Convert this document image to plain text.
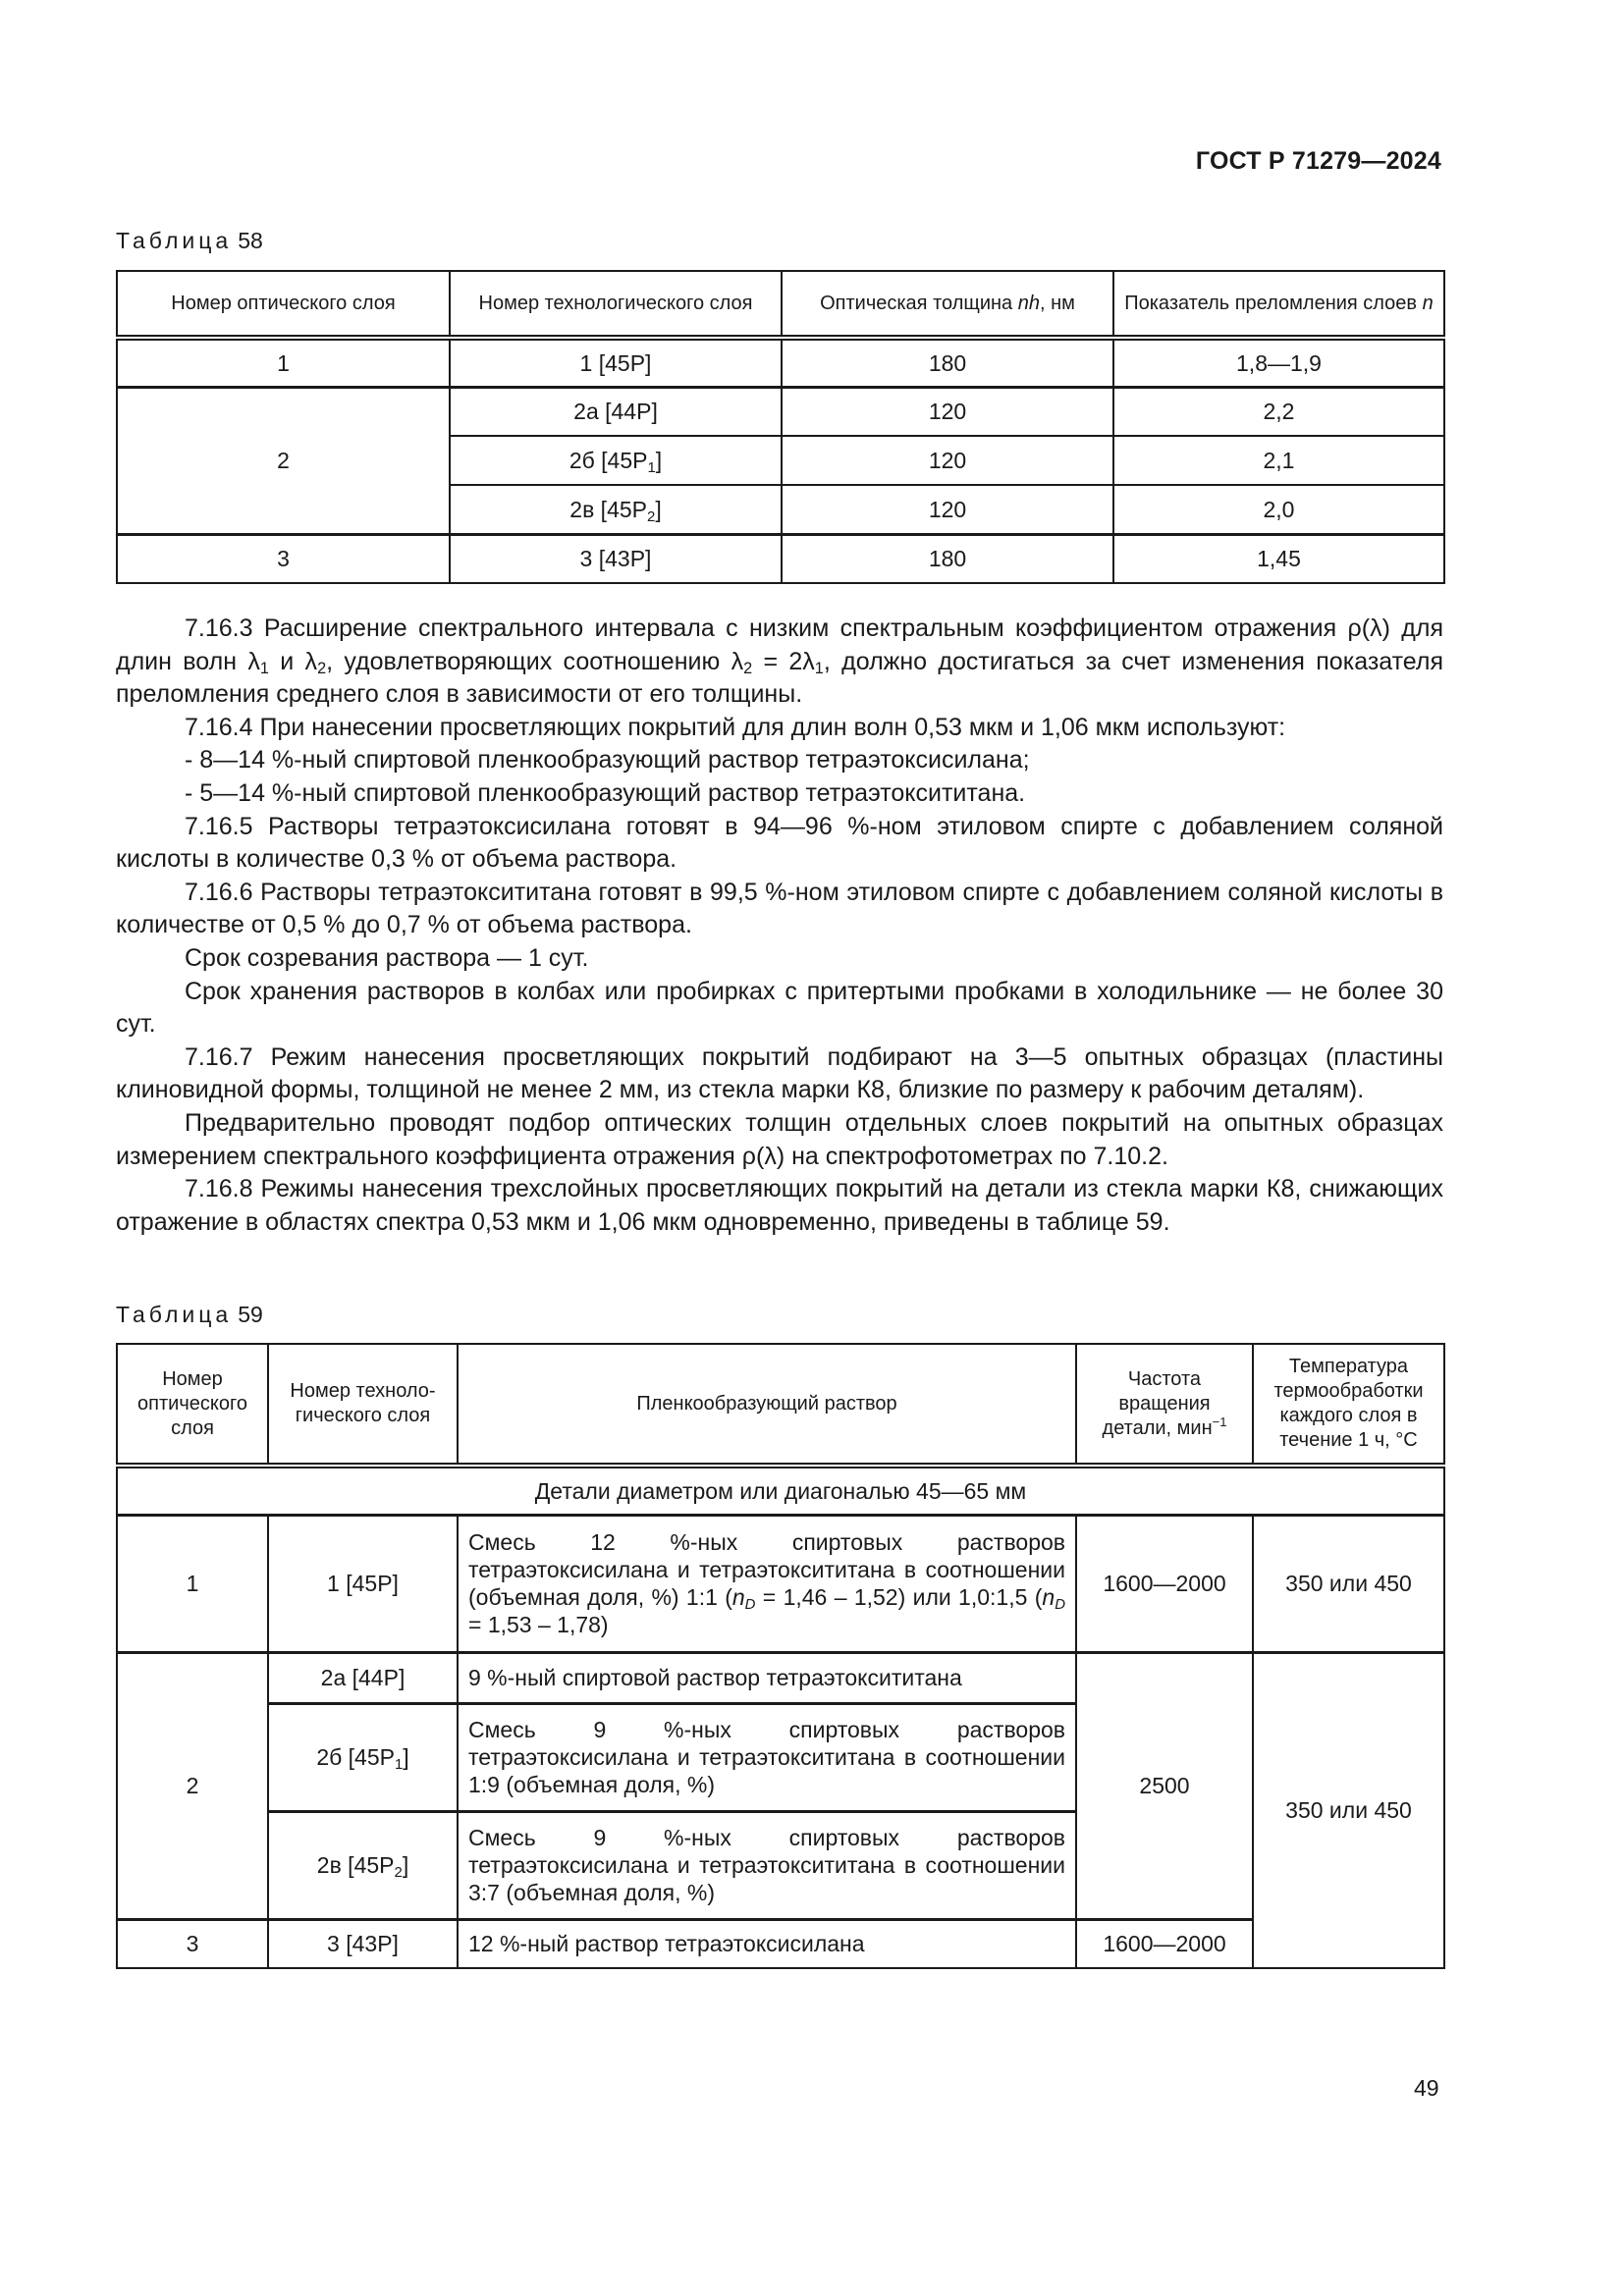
ГОСТ Р 71279—2024
Таблица 58
Номер оптического слоя	Номер технологического слоя	Оптическая толщина nh, нм	Показатель преломления слоев n
1	1 [45Р]	180	1,8—1,9
2	2а [44Р]	120	2,2
	2б $[45Р_1]$	120	2,1
	2в $[45Р_2]$	120	2,0
3	3 [43Р]	180	1,45

7.16.3 Расширение спектрального интервала с низким спектральным коэффициентом отражения ρ(λ) для длин волн $\lambda_1$ и $\lambda_2$, удовлетворяющих соотношению $\lambda_2 = 2\lambda_1$, должно достигаться за счет изменения показателя преломления среднего слоя в зависимости от его толщины.

7.16.4 При нанесении просветляющих покрытий для длин волн 0,53 мкм и 1,06 мкм используют:

- 8—14 %-ный спиртовой пленкообразующий раствор тетраэтоксисилана;

- 5—14 %-ный спиртовой пленкообразующий раствор тетраэтоксититана.

7.16.5 Растворы тетраэтоксисилана готовят в 94—96 %-ном этиловом спирте с добавлением соляной кислоты в количестве 0,3 % от объема раствора.

7.16.6 Растворы тетраэтоксититана готовят в 99,5 %-ном этиловом спирте с добавлением соляной кислоты в количестве от 0,5 % до 0,7 % от объема раствора.

Срок созревания раствора — 1 сут.

Срок хранения растворов в колбах или пробирках с притертыми пробками в холодильнике — не более 30 сут.

7.16.7 Режим нанесения просветляющих покрытий подбирают на 3—5 опытных образцах (пластины клиновидной формы, толщиной не менее 2 мм, из стекла марки К8, близкие по размеру к рабочим деталям).

Предварительно проводят подбор оптических толщин отдельных слоев покрытий на опытных образцах измерением спектрального коэффициента отражения ρ(λ) на спектрофотометрах по 7.10.2.

7.16.8 Режимы нанесения трехслойных просветляющих покрытий на детали из стекла марки К8, снижающих отражение в областях спектра 0,53 мкм и 1,06 мкм одновременно, приведены в таблице 59.

Таблица 59
Номер оптического слоя	Номер техноло-гического слоя	Пленкообразующий раствор	Частота вращения детали, мин$^{-1}$	Температура термообработки каждого слоя в течение 1 ч, °С
Детали диаметром или диагональю 45—65 мм				
1	1 [45Р]	Смесь 12 %-ных спиртовых растворов тетраэтоксисилана и тетраэтоксититана в соотношении (объемная доля, %) 1:1 $(n_D = 1,46 - 1,52)$ или 1,0:1,5 $(n_D = 1,53 - 1,78)$	1600—2000	350 или 450
2	2а [44Р]	9 %-ный спиртовой раствор тетраэтоксититана	2500	350 или 450
	2б $[45Р_1]$	Смесь 9 %-ных спиртовых растворов тетраэтоксисилана и тетраэтоксититана в соотношении 1:9 (объемная доля, %)		
	2в $[45Р_2]$	Смесь 9 %-ных спиртовых растворов тетраэтоксисилана и тетраэтоксититана в соотношении 3:7 (объемная доля, %)		
3	3 [43Р]	12 %-ный раствор тетраэтоксисилана	1600—2000	
49
